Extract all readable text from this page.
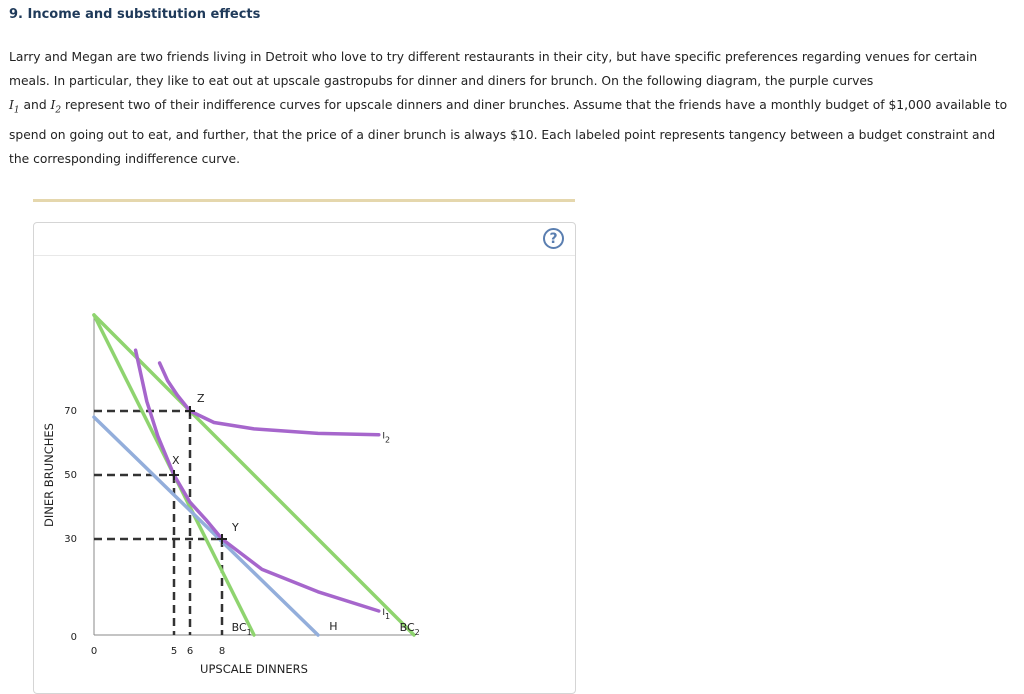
9. Income and substitution effects
Larry and Megan are two friends living in Detroit who love to try different restaurants in their city, but have specific preferences regarding venues for certain meals. In particular, they like to eat out at upscale gastropubs for dinner and diners for brunch. On the following diagram, the purple curves
$I_1$ and $I_2$ represent two of their indifference curves for upscale dinners and diner brunches. Assume that the friends have a monthly budget of $1,000 available to spend on going out to eat, and further, that the price of a diner brunch is always $10. Each labeled point represents tangency between a budget constraint and the corresponding indifference curve.
?
X
Y
Z
$BC_1$	$BC_2$
H
I2
I1
0	5 6	8
0
30
50
70
UPSCALE DINNERS
DINER BRUNCHES
